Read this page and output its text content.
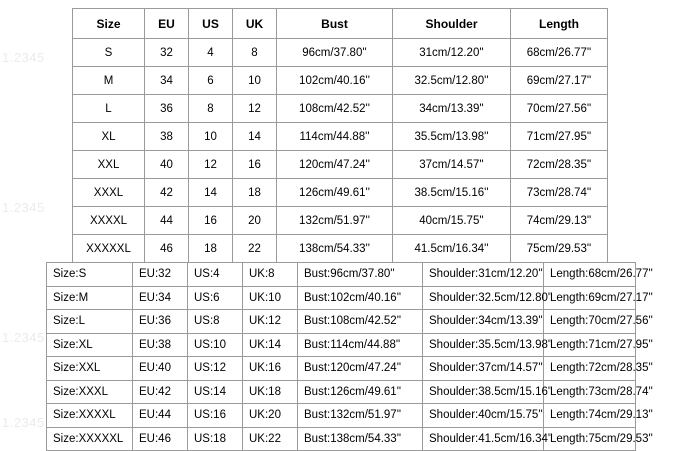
1.2345
1.2345
1.2345
1.2345
Size	EU	US	UK	Bust	Shoulder	Length
S	32	4	8	96cm/37.80''	31cm/12.20''	68cm/26.77''
M	34	6	10	102cm/40.16''	32.5cm/12.80''	69cm/27.17''
L	36	8	12	108cm/42.52''	34cm/13.39''	70cm/27.56''
XL	38	10	14	114cm/44.88''	35.5cm/13.98''	71cm/27.95''
XXL	40	12	16	120cm/47.24''	37cm/14.57''	72cm/28.35''
XXXL	42	14	18	126cm/49.61''	38.5cm/15.16''	73cm/28.74''
XXXXL	44	16	20	132cm/51.97''	40cm/15.75''	74cm/29.13''
XXXXXL	46	18	22	138cm/54.33''	41.5cm/16.34''	75cm/29.53''
Size:S	EU:32	US:4	UK:8	Bust:96cm/37.80''	Shoulder:31cm/12.20''	Length:68cm/26.77''
Size:M	EU:34	US:6	UK:10	Bust:102cm/40.16''	Shoulder:32.5cm/12.80''	Length:69cm/27.17''
Size:L	EU:36	US:8	UK:12	Bust:108cm/42.52''	Shoulder:34cm/13.39''	Length:70cm/27.56''
Size:XL	EU:38	US:10	UK:14	Bust:114cm/44.88''	Shoulder:35.5cm/13.98''	Length:71cm/27.95''
Size:XXL	EU:40	US:12	UK:16	Bust:120cm/47.24''	Shoulder:37cm/14.57''	Length:72cm/28.35''
Size:XXXL	EU:42	US:14	UK:18	Bust:126cm/49.61''	Shoulder:38.5cm/15.16''	Length:73cm/28.74''
Size:XXXXL	EU:44	US:16	UK:20	Bust:132cm/51.97''	Shoulder:40cm/15.75''	Length:74cm/29.13''
Size:XXXXXL	EU:46	US:18	UK:22	Bust:138cm/54.33''	Shoulder:41.5cm/16.34''	Length:75cm/29.53''
